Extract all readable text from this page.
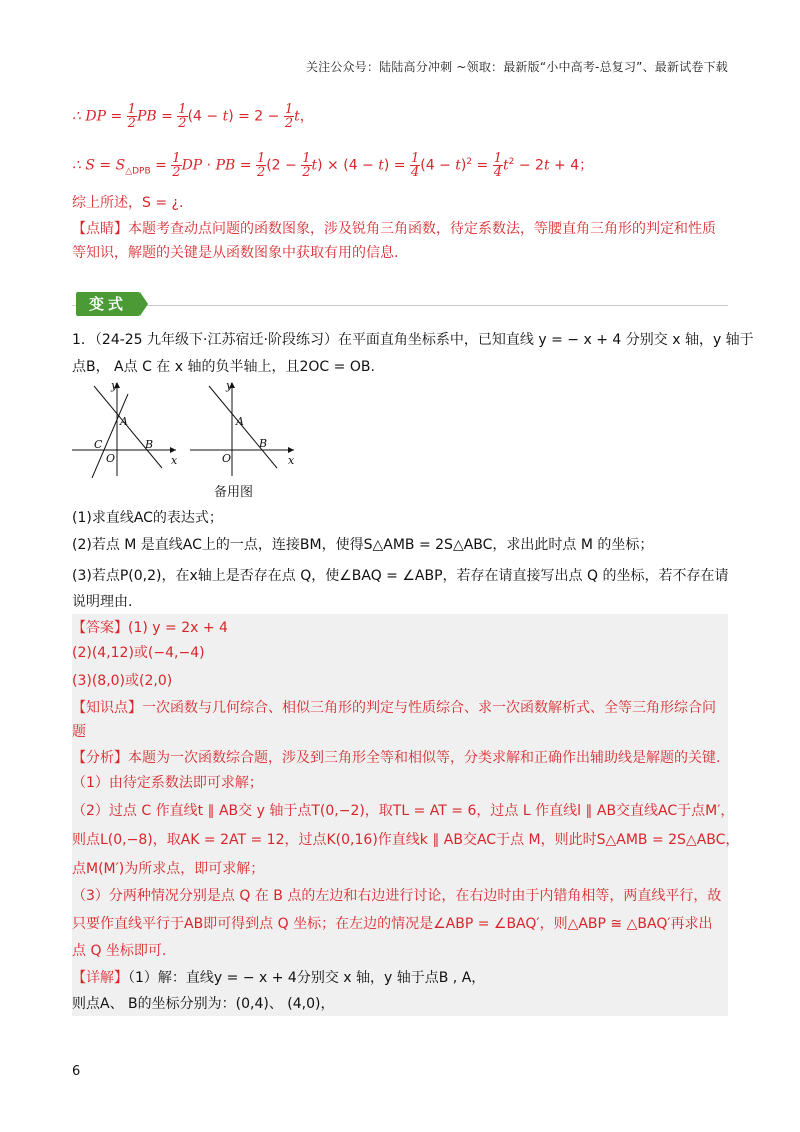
关注公众号：陆陆高分冲刺 ~领取：最新版“小中高考-总复习”、最新试卷下载
∴ DP = $\frac{1}{2}$ PB = $\frac{1}{2} (4 - t) = 2 - \frac{1}{2}$ t，
∴ $S = S_{\triangle DPB} = \frac{1}{2}$ DP · PB = $\frac{1}{2} (2 - \frac{1}{2} t) \times (4 - t) = \frac{1}{4} (4 - t)^2 = \frac{1}{4} t^2 - 2t + 4$；
综上所述，S = ¿.
【点睛】本题考查动点问题的函数图象，涉及锐角三角函数，待定系数法，等腰直角三角形的判定和性质
等知识，解题的关键是从函数图象中获取有用的信息.
变式
1．（24-25 九年级下·江苏宿迁·阶段练习）在平面直角坐标系中，已知直线 y = − x + 4 分别交 x 轴，y 轴于
点B， A点 C 在 x 轴的负半轴上，且2OC = OB.
y
A
C	B
O	x
y
A
B
O	x
备用图
(1)求直线AC的表达式；
(2)若点 M 是直线AC上的一点，连接BM，使得S△AMB = 2S△ABC，求出此时点 M 的坐标；
(3)若点P(0,2)，在x轴上是否存在点 Q，使∠BAQ = ∠ABP，若存在请直接写出点 Q 的坐标，若不存在请
说明理由.
【答案】(1) y = 2x + 4
(2)(4,12)或(−4,−4)
(3)(8,0)或(2,0)
【知识点】一次函数与几何综合、相似三角形的判定与性质综合、求一次函数解析式、全等三角形综合问
题
【分析】本题为一次函数综合题，涉及到三角形全等和相似等，分类求解和正确作出辅助线是解题的关键.
（1）由待定系数法即可求解；
（2）过点 C 作直线t ∥ AB交 y 轴于点T(0,−2)，取TL = AT = 6，过点 L 作直线l ∥ AB交直线AC于点M′，
则点L(0,−8)，取AK = 2AT = 12，过点K(0,16)作直线k ∥ AB交AC于点 M，则此时S△AMB = 2S△ABC，
点M(M′)为所求点，即可求解；
（3）分两种情况分别是点 Q 在 B 点的左边和右边进行讨论，在右边时由于内错角相等，两直线平行，故
只要作直线平行于AB即可得到点 Q 坐标；在左边的情况是∠ABP = ∠BAQ′，则△ABP ≅ △BAQ′再求出
点 Q 坐标即可.
【详解】（1）解：直线y = − x + 4分别交 x 轴，y 轴于点B , A，
则点A、 B的坐标分别为：(0,4)、 (4,0)，
6
